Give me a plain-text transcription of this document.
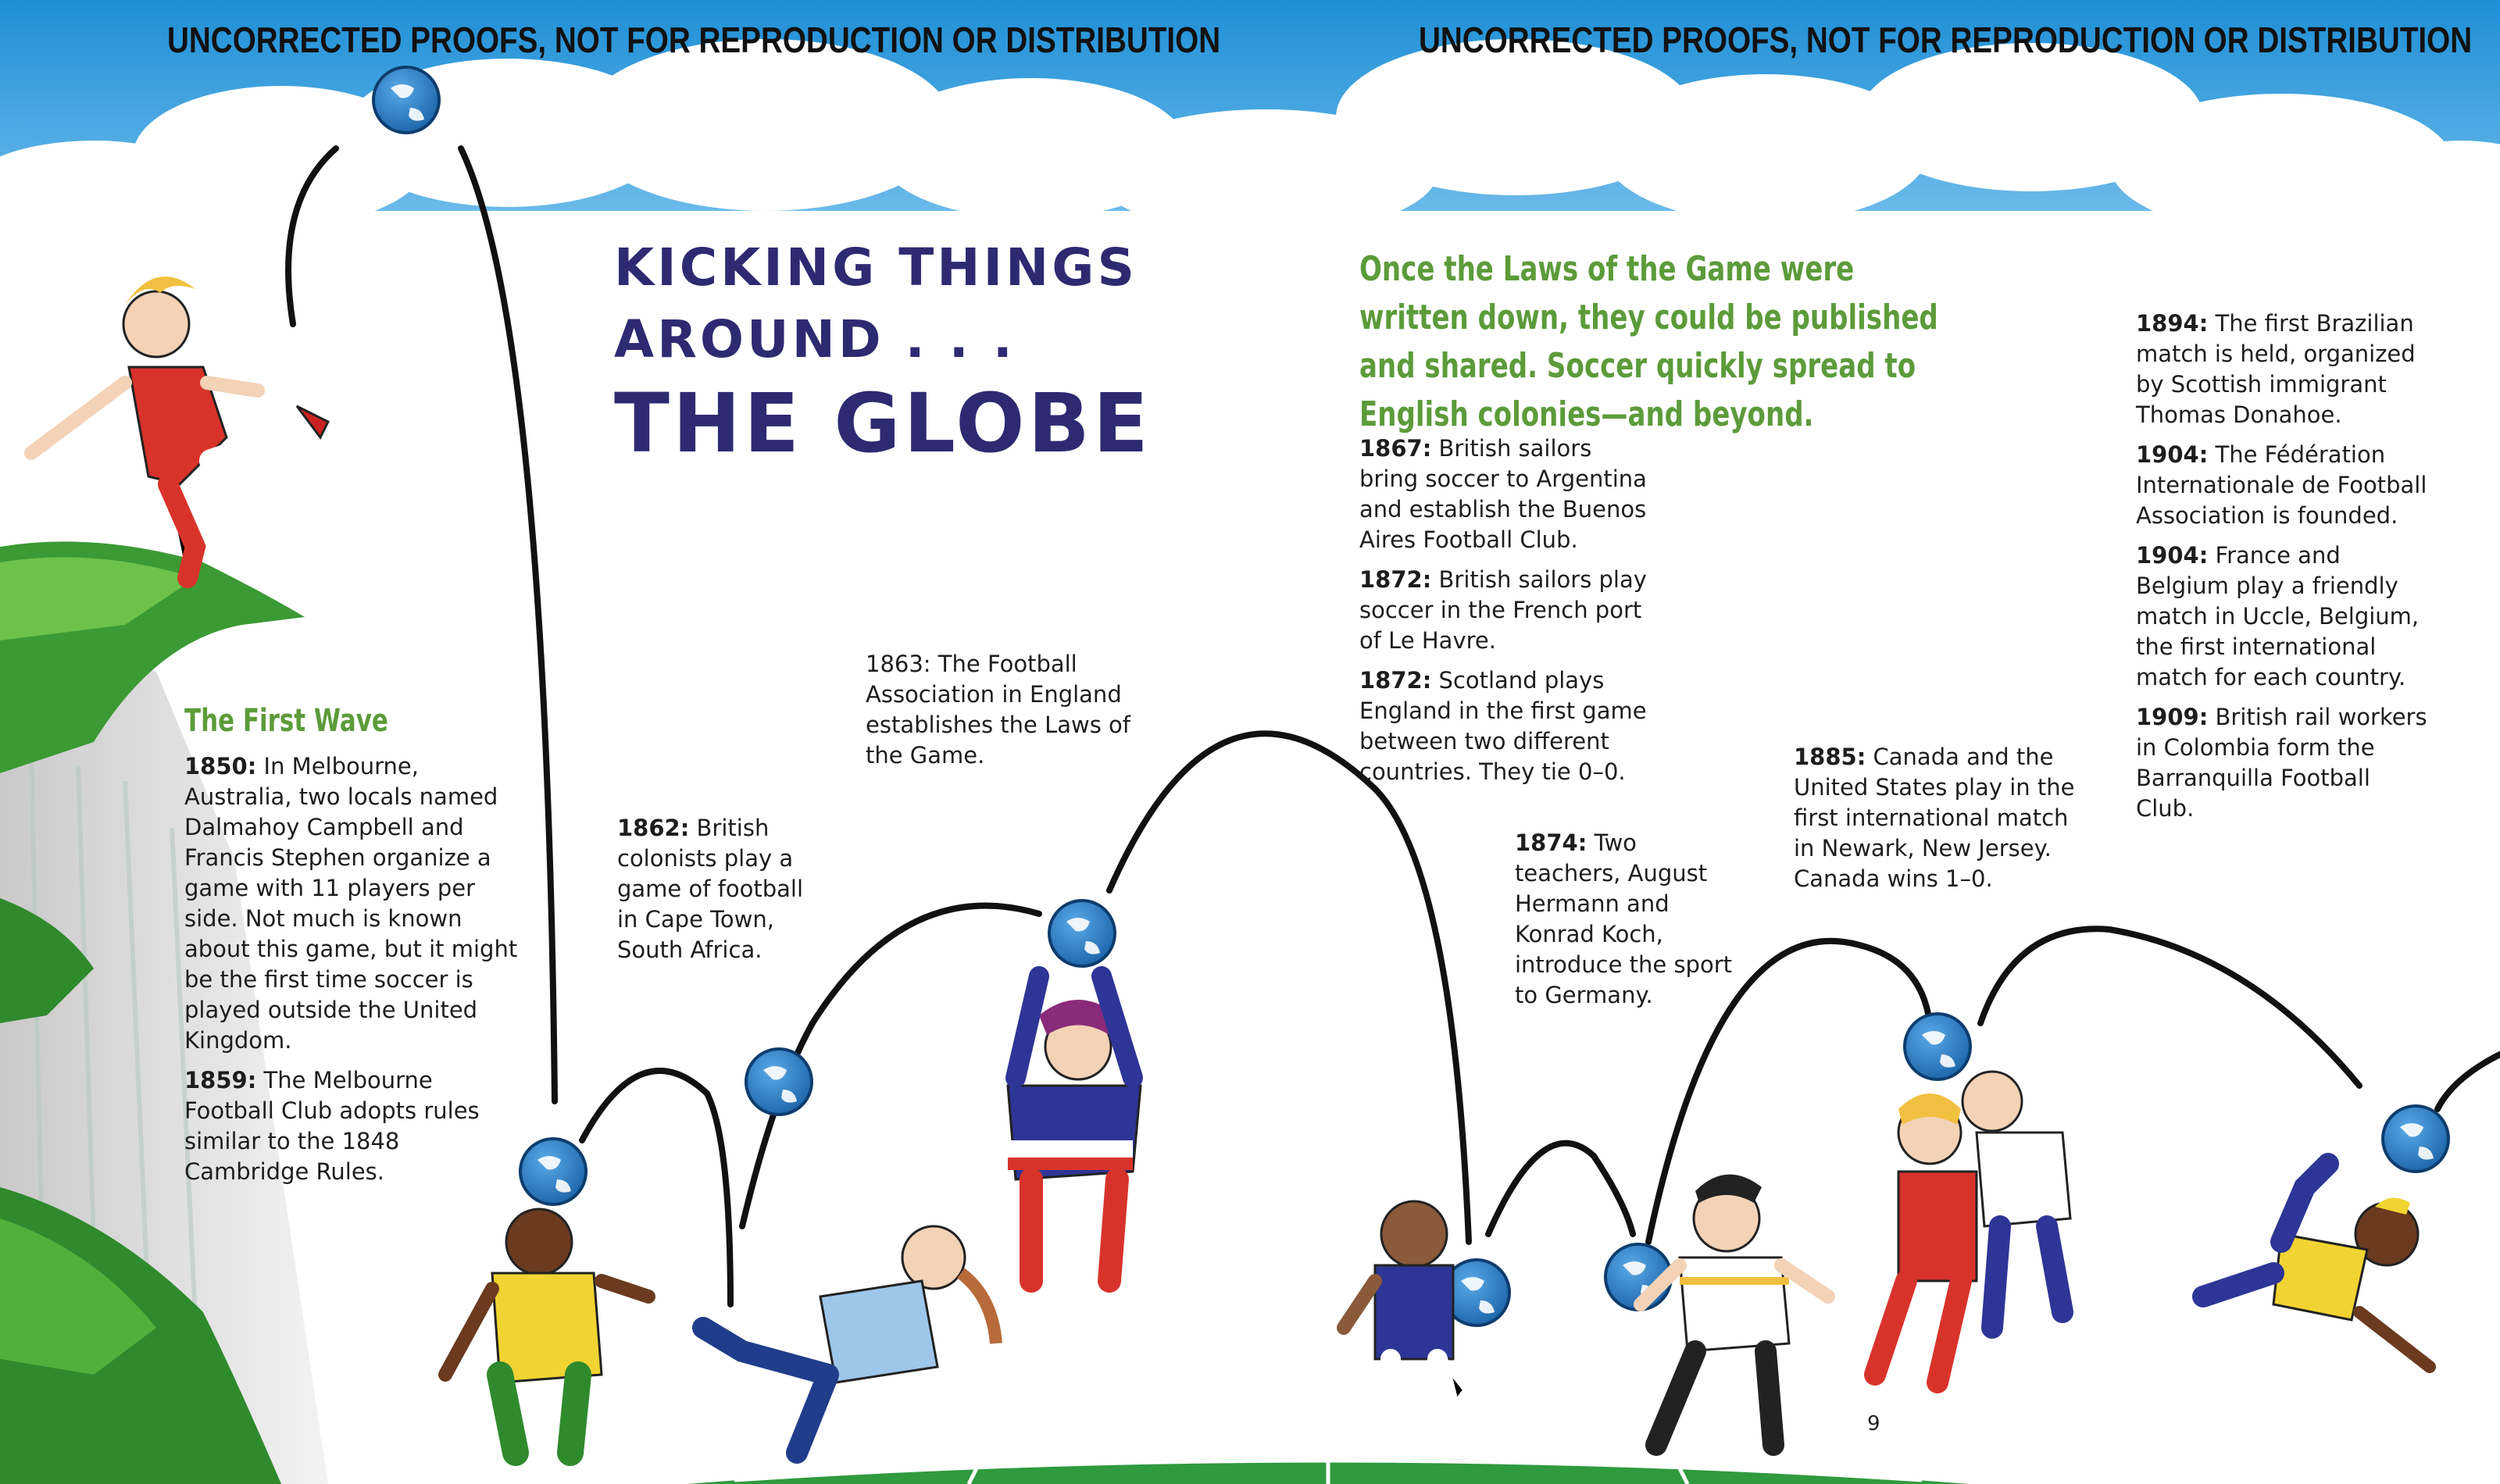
UNCORRECTED PROOFS, NOT FOR REPRODUCTION OR DISTRIBUTION	UNCORRECTED PROOFS, NOT FOR REPRODUCTION OR DISTRIBUTION
KICKING THINGS
AROUND . . .
THE GLOBE
Once the Laws of the Game were written down, they could be published and shared. Soccer quickly spread to English colonies—and beyond.
The First Wave

1850: In Melbourne, Australia, two locals named Dalmahoy Campbell and Francis Stephen organize a game with 11 players per side. Not much is known about this game, but it might be the first time soccer is played outside the United Kingdom.

1859: The Melbourne Football Club adopts rules similar to the 1848 Cambridge Rules.

1862: British colonists play a game of football in Cape Town, South Africa.

1863: The Football Association in England establishes the Laws of the Game.

1867: British sailors bring soccer to Argentina and establish the Buenos Aires Football Club.

1872: British sailors play soccer in the French port of Le Havre.

1872: Scotland plays England in the first game between two different countries. They tie 0–0.

1874: Two teachers, August Hermann and Konrad Koch, introduce the sport to Germany.

1885: Canada and the United States play in the first international match in Newark, New Jersey. Canada wins 1–0.

1894: The first Brazilian match is held, organized by Scottish immigrant Thomas Donahoe.

1904: The Fédération Internationale de Football Association is founded.

1904: France and Belgium play a friendly match in Uccle, Belgium, the first international match for each country.

1909: British rail workers in Colombia form the Barranquilla Football Club.

9
